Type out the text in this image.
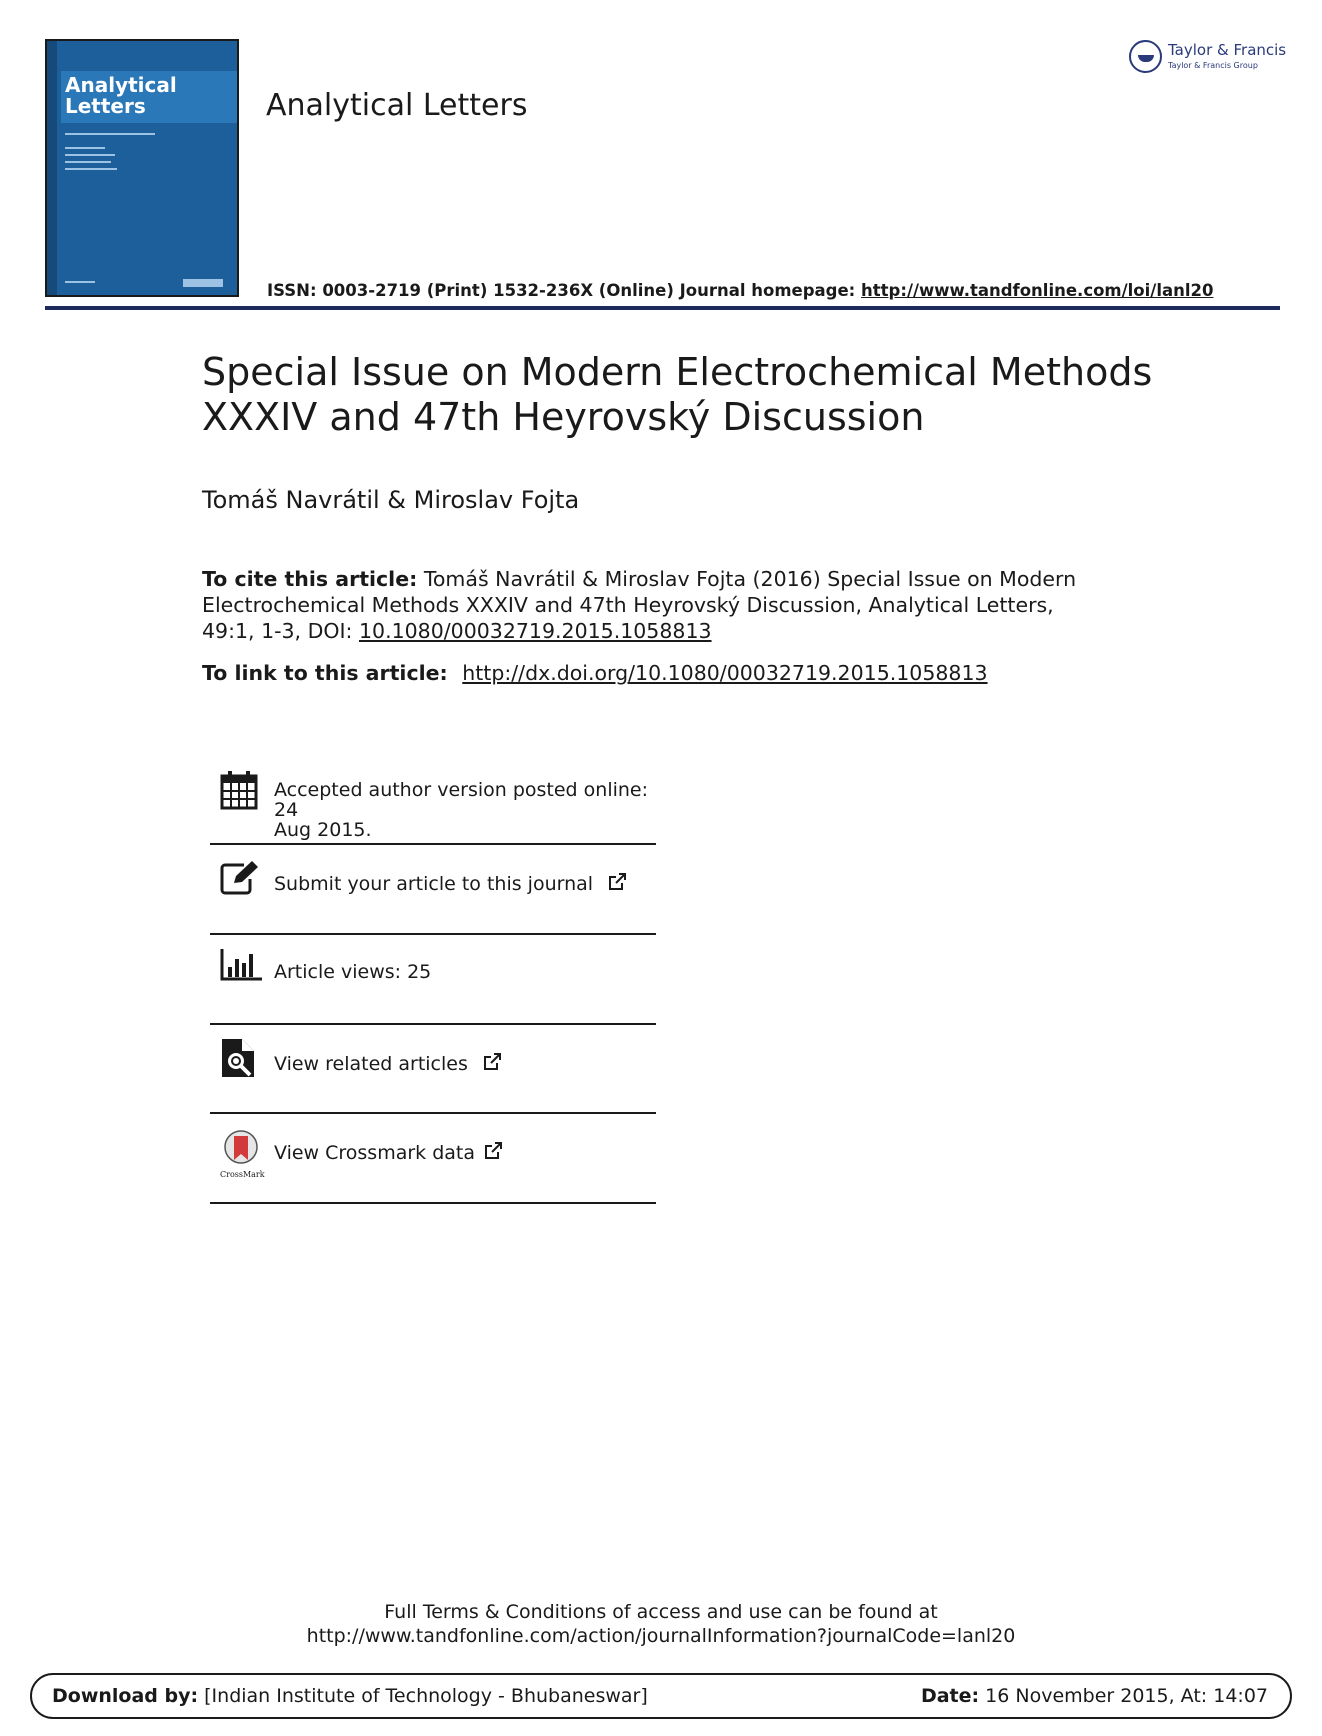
Analytical
Letters	Analytical Letters
Taylor & Francis
Taylor & Francis Group
ISSN: 0003-2719 (Print) 1532-236X (Online) Journal homepage: http://www.tandfonline.com/loi/lanl20
Special Issue on Modern Electrochemical Methods
XXXIV and 47th Heyrovský Discussion
Tomáš Navrátil & Miroslav Fojta
To cite this article: Tomáš Navrátil & Miroslav Fojta (2016) Special Issue on Modern Electrochemical Methods XXXIV and 47th Heyrovský Discussion, Analytical Letters, 49:1, 1-3, DOI: 10.1080/00032719.2015.1058813
To link to this article: http://dx.doi.org/10.1080/00032719.2015.1058813
Accepted author version posted online: 24
Aug 2015.
Submit your article to this journal
Article views: 25
View related articles
CrossMark
View Crossmark data
Full Terms & Conditions of access and use can be found at
http://www.tandfonline.com/action/journalInformation?journalCode=lanl20
Download by: [Indian Institute of Technology - Bhubaneswar]	Date: 16 November 2015, At: 14:07
